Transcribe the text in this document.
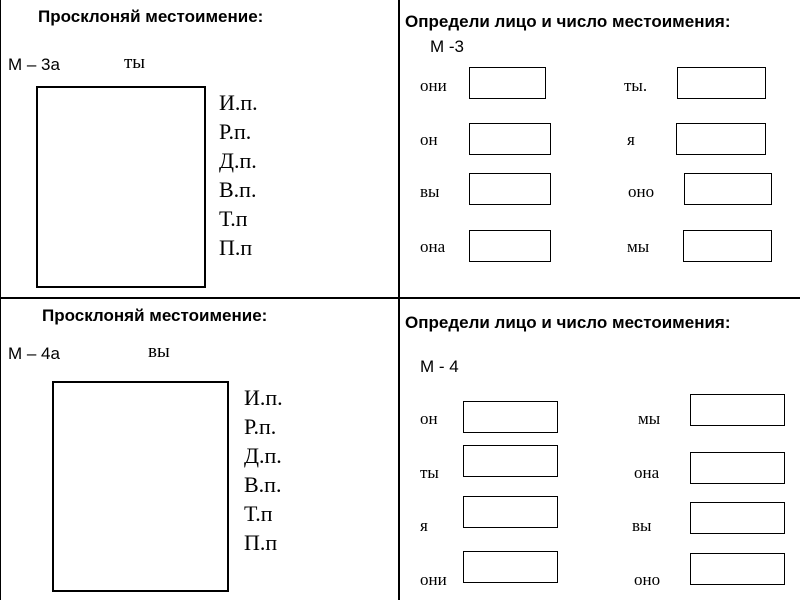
Просклоняй местоимение:
М – 3а	ты
И.п.
Р.п.
Д.п.
В.п.
Т.п
П.п
Определи лицо и число местоимения:
М -3
они	ты.
он	я
вы	оно
она	мы
Просклоняй местоимение:
М – 4а	вы
И.п.
Р.п.
Д.п.
В.п.
Т.п
П.п
Определи лицо и число местоимения:
М - 4
он	мы
ты	она
я	вы
они	оно
